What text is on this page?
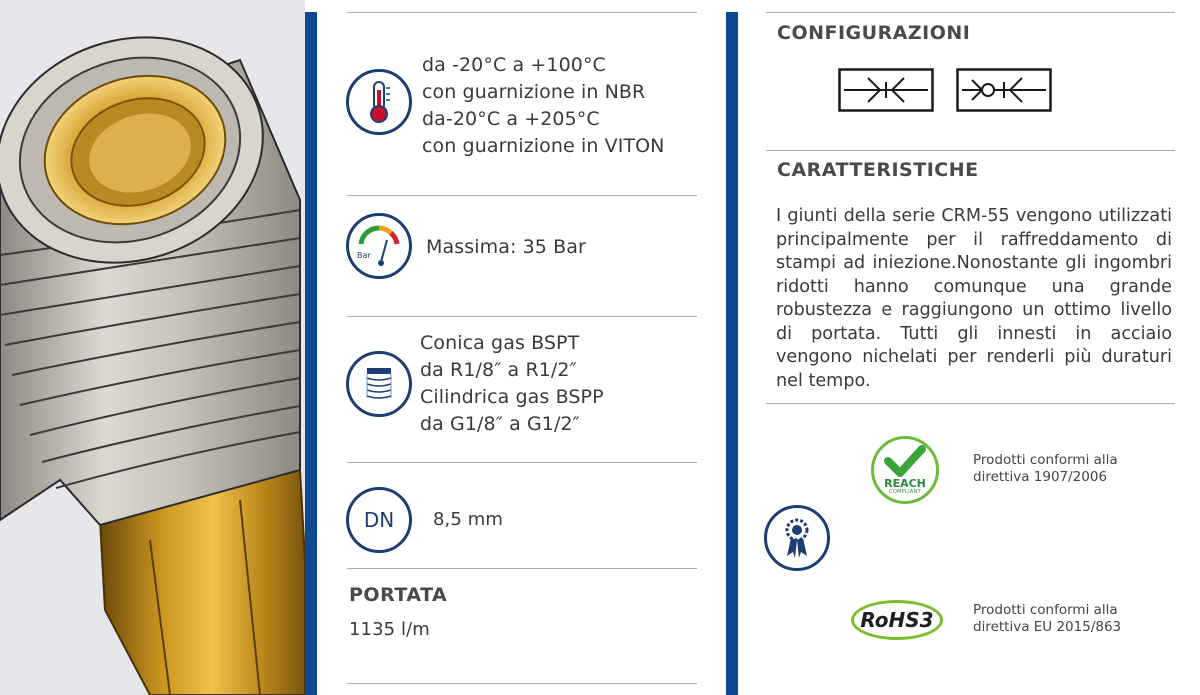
da -20°C a +100°C
con guarnizione in NBR
da-20°C a +205°C
con guarnizione in VITON
Bar	Massima: 35 Bar
Conica gas BSPT
da R1/8″ a R1/2″
Cilindrica gas BSPP
da G1/8″ a G1/2″
DN	8,5 mm
PORTATA
1135 l/m
CONFIGURAZIONI
CARATTERISTICHE
I giunti della serie CRM-55 vengono utilizzati principalmente per il raffreddamento di stampi ad iniezione.Nonostante gli ingombri ridotti hanno comunque una grande robustezza e raggiungono un ottimo livello di portata. Tutti gli innesti in acciaio vengono nichelati per renderli più duraturi nel tempo.
REACH
COMPLIANT
Prodotti conformi alla
direttiva 1907/2006
RoHS3	Prodotti conformi alla
direttiva EU 2015/863
